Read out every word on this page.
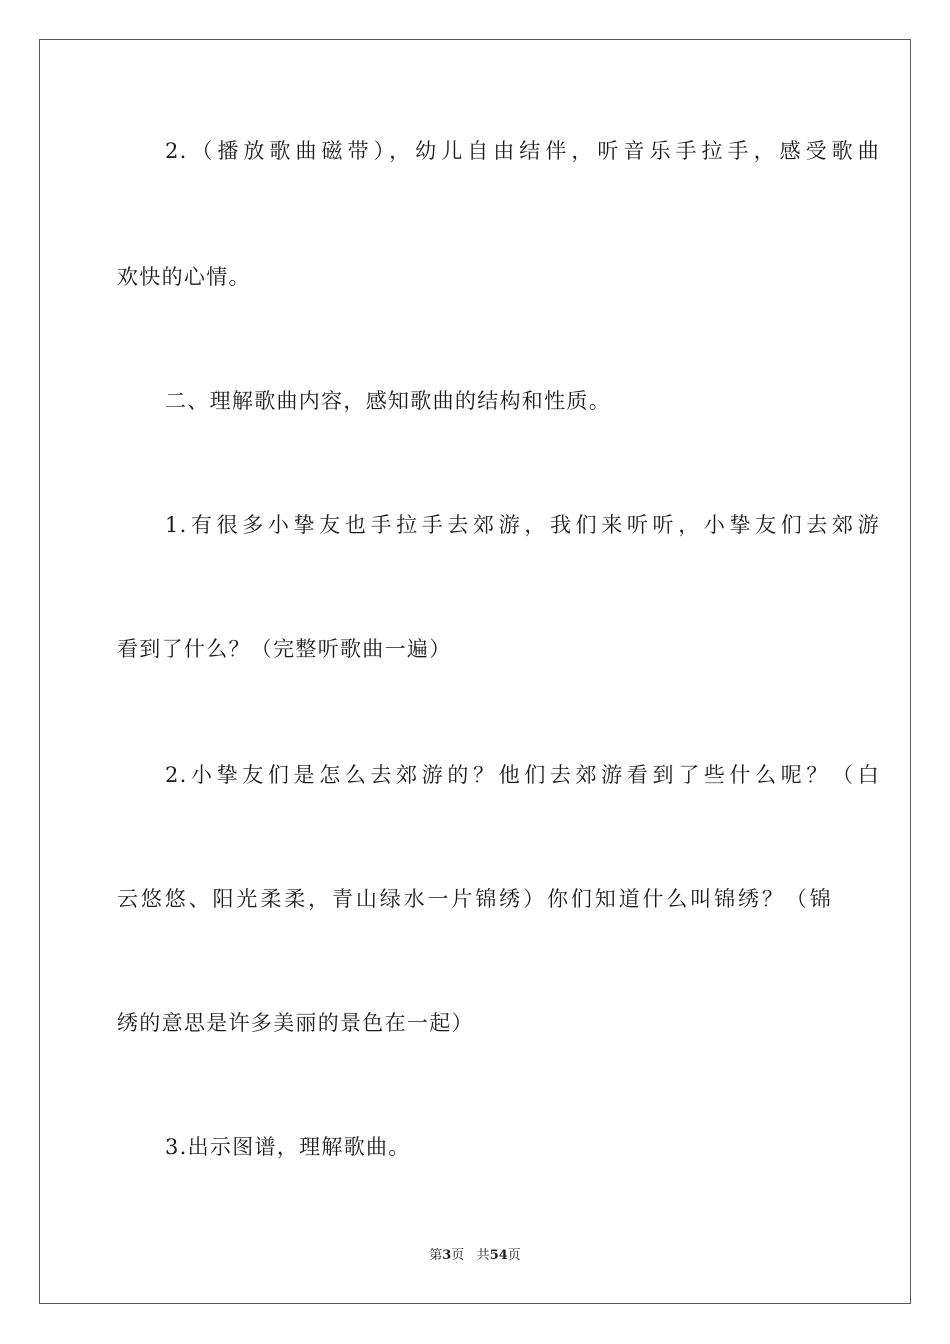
2.（播放歌曲磁带），幼儿自由结伴，听音乐手拉手，感受歌曲
欢快的心情。
二、理解歌曲内容，感知歌曲的结构和性质。
1.有很多小挚友也手拉手去郊游，我们来听听，小挚友们去郊游
看到了什么？（完整听歌曲一遍）
2.小挚友们是怎么去郊游的？他们去郊游看到了些什么呢？（白
云悠悠、阳光柔柔，青山绿水一片锦绣）你们知道什么叫锦绣？（锦
绣的意思是许多美丽的景色在一起）
3.出示图谱，理解歌曲。
第3页 共54页
